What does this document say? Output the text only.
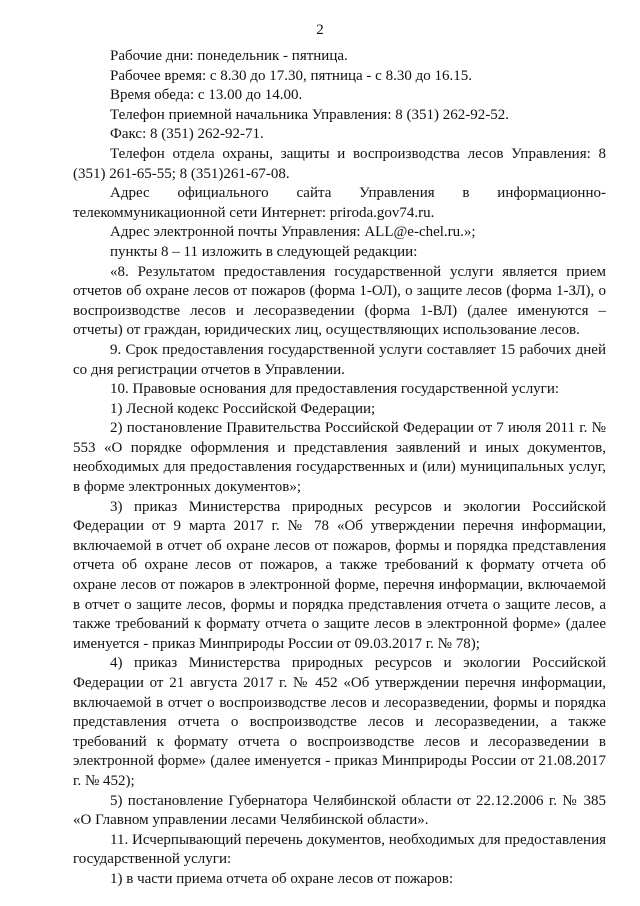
2

Рабочие дни: понедельник - пятница.

Рабочее время: с 8.30 до 17.30, пятница - с 8.30 до 16.15.

Время обеда: с 13.00 до 14.00.

Телефон приемной начальника Управления: 8 (351) 262-92-52.

Факс: 8 (351) 262-92-71.

Телефон отдела охраны, защиты и воспроизводства лесов Управления: 8 (351) 261-65-55; 8 (351)261-67-08.

Адрес официального сайта Управления в информационно-телекоммуникационной сети Интернет: priroda.gov74.ru.

Адрес электронной почты Управления: ALL@e-chel.ru.»;

пункты 8 – 11 изложить в следующей редакции:

«8. Результатом предоставления государственной услуги является прием отчетов об охране лесов от пожаров (форма 1-ОЛ), о защите лесов (форма 1-ЗЛ), о воспроизводстве лесов и лесоразведении (форма 1-ВЛ) (далее именуются – отчеты) от граждан, юридических лиц, осуществляющих использование лесов.

9. Срок предоставления государственной услуги составляет 15 рабочих дней со дня регистрации отчетов в Управлении.

10. Правовые основания для предоставления государственной услуги:

1) Лесной кодекс Российской Федерации;

2) постановление Правительства Российской Федерации от 7 июля 2011 г. № 553 «О порядке оформления и представления заявлений и иных документов, необходимых для предоставления государственных и (или) муниципальных услуг, в форме электронных документов»;

3) приказ Министерства природных ресурсов и экологии Российской Федерации от 9 марта 2017 г. № 78 «Об утверждении перечня информации, включаемой в отчет об охране лесов от пожаров, формы и порядка представления отчета об охране лесов от пожаров, а также требований к формату отчета об охране лесов от пожаров в электронной форме, перечня информации, включаемой в отчет о защите лесов, формы и порядка представления отчета о защите лесов, а также требований к формату отчета о защите лесов в электронной форме» (далее именуется - приказ Минприроды России от 09.03.2017 г. № 78);

4) приказ Министерства природных ресурсов и экологии Российской Федерации от 21 августа 2017 г. № 452 «Об утверждении перечня информации, включаемой в отчет о воспроизводстве лесов и лесоразведении, формы и порядка представления отчета о воспроизводстве лесов и лесоразведении, а также требований к формату отчета о воспроизводстве лесов и лесоразведении в электронной форме» (далее именуется - приказ Минприроды России от 21.08.2017 г. № 452);

5) постановление Губернатора Челябинской области от 22.12.2006 г. № 385 «О Главном управлении лесами Челябинской области».

11. Исчерпывающий перечень документов, необходимых для предоставления государственной услуги:

1) в части приема отчета об охране лесов от пожаров:
